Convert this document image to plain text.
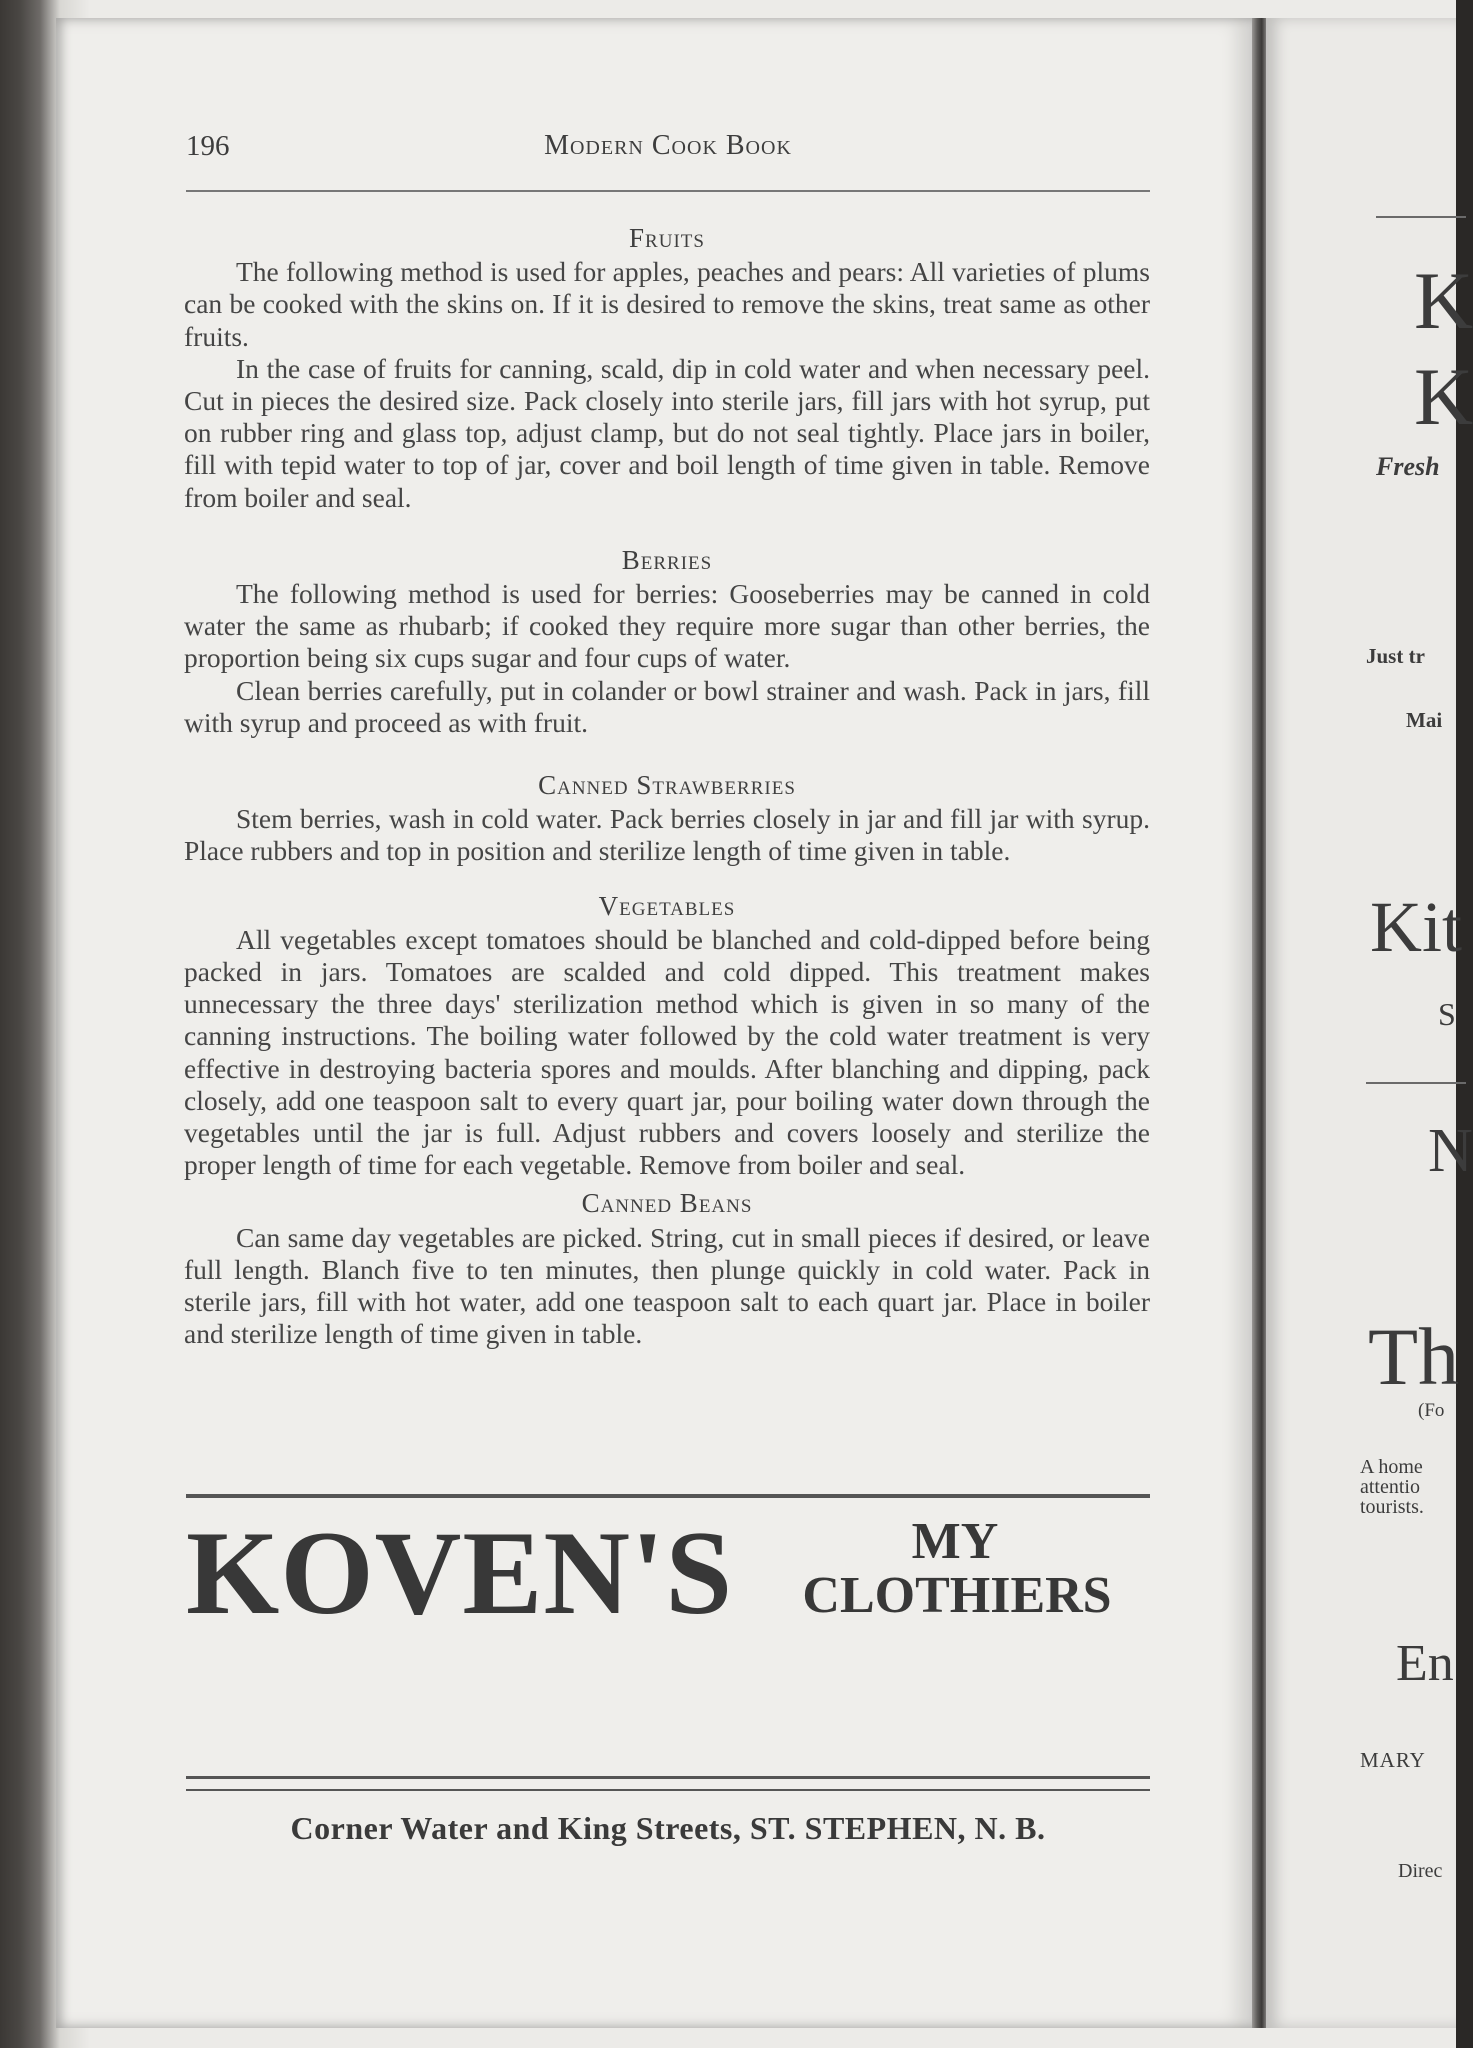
196	Modern Cook Book
Fruits

The following method is used for apples, peaches and pears: All varieties of plums can be cooked with the skins on. If it is desired to remove the skins, treat same as other fruits.

In the case of fruits for canning, scald, dip in cold water and when necessary peel. Cut in pieces the desired size. Pack closely into sterile jars, fill jars with hot syrup, put on rubber ring and glass top, adjust clamp, but do not seal tightly. Place jars in boiler, fill with tepid water to top of jar, cover and boil length of time given in table. Remove from boiler and seal.

Berries

The following method is used for berries: Gooseberries may be canned in cold water the same as rhubarb; if cooked they require more sugar than other berries, the proportion being six cups sugar and four cups of water.

Clean berries carefully, put in colander or bowl strainer and wash. Pack in jars, fill with syrup and proceed as with fruit.

Canned Strawberries

Stem berries, wash in cold water. Pack berries closely in jar and fill jar with syrup. Place rubbers and top in position and sterilize length of time given in table.

Vegetables

All vegetables except tomatoes should be blanched and cold-dipped before being packed in jars. Tomatoes are scalded and cold dipped. This treatment makes unnecessary the three days' sterilization method which is given in so many of the canning instructions. The boiling water followed by the cold water treatment is very effective in destroying bacteria spores and moulds. After blanching and dipping, pack closely, add one teaspoon salt to every quart jar, pour boiling water down through the vegetables until the jar is full. Adjust rubbers and covers loosely and sterilize the proper length of time for each vegetable. Remove from boiler and seal.

Canned Beans

Can same day vegetables are picked. String, cut in small pieces if desired, or leave full length. Blanch five to ten minutes, then plunge quickly in cold water. Pack in sterile jars, fill with hot water, add one teaspoon salt to each quart jar. Place in boiler and sterilize length of time given in table.

KOVEN'S	MY
CLOTHIERS
Corner Water and King Streets, ST. STEPHEN, N. B.
K
K
Fresh
Just tr
Mai
Kit
S
N
Th
(Fo
A home
attentio
tourists.
En
MARY
Direc
